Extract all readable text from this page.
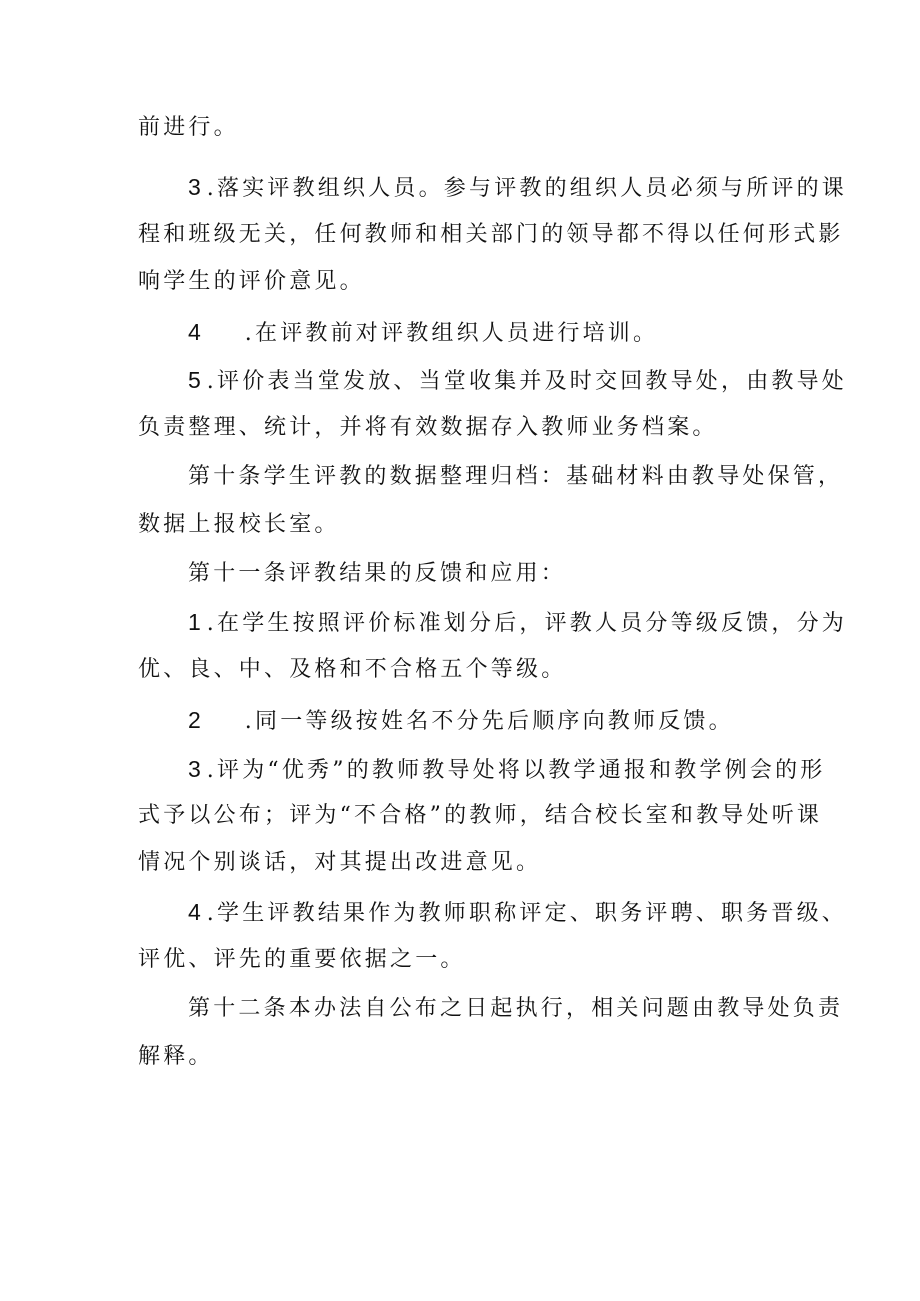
前进行。
3 .落实评教组织人员。参与评教的组织人员必须与所评的课
程和班级无关，任何教师和相关部门的领导都不得以任何形式影
响学生的评价意见。
4 .在评教前对评教组织人员进行培训。
5 .评价表当堂发放、当堂收集并及时交回教导处，由教导处
负责整理、统计，并将有效数据存入教师业务档案。
第十条学生评教的数据整理归档：基础材料由教导处保管，
数据上报校长室。
第十一条评教结果的反馈和应用：
1 .在学生按照评价标准划分后，评教人员分等级反馈，分为
优、良、中、及格和不合格五个等级。
2 .同一等级按姓名不分先后顺序向教师反馈。
3 .评为“优秀”的教师教导处将以教学通报和教学例会的形
式予以公布；评为“不合格”的教师，结合校长室和教导处听课
情况个别谈话，对其提出改进意见。
4 .学生评教结果作为教师职称评定、职务评聘、职务晋级、
评优、评先的重要依据之一。
第十二条本办法自公布之日起执行，相关问题由教导处负责
解释。
